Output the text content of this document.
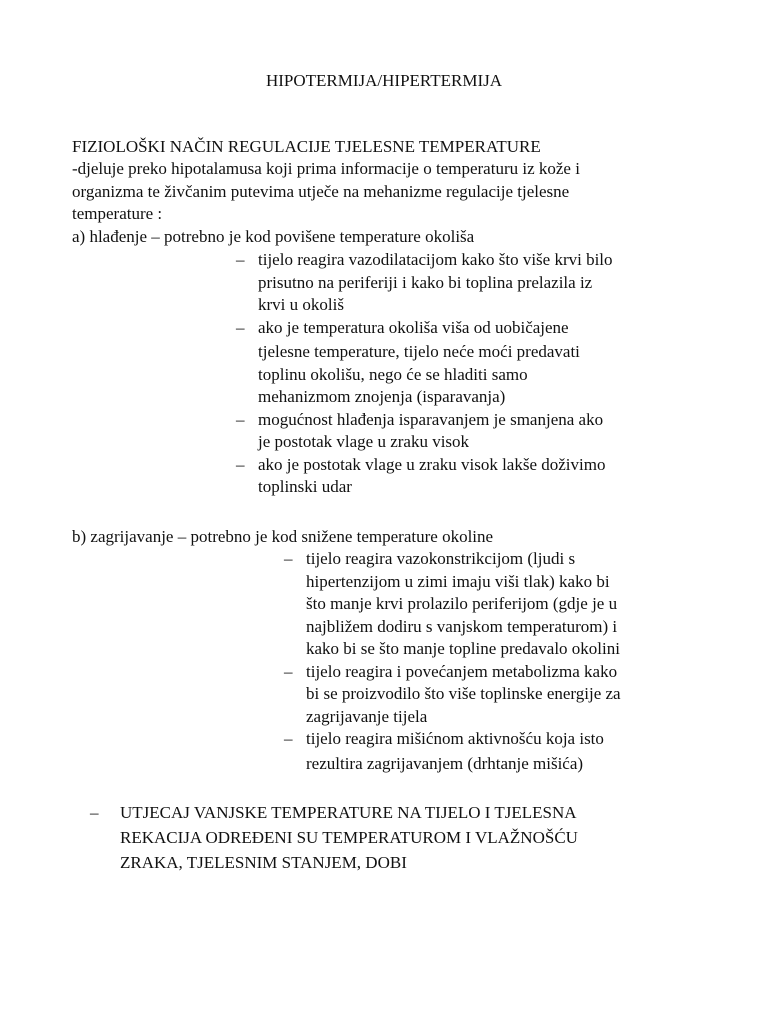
HIPOTERMIJA/HIPERTERMIJA
FIZIOLOŠKI NAČIN REGULACIJE TJELESNE TEMPERATURE
-djeluje preko hipotalamusa koji prima informacije o temperaturu iz kože i
organizma te živčanim putevima utječe na mehanizme regulacije tjelesne
temperature :
a) hlađenje – potrebno je kod povišene temperature okoliša
– tijelo reagira vazodilatacijom kako što više krvi bilo
prisutno na periferiji i kako bi toplina prelazila iz
krvi u okoliš
– ako je temperatura okoliša viša od uobičajene
tjelesne temperature, tijelo neće moći predavati
toplinu okolišu, nego će se hladiti samo
mehanizmom znojenja (isparavanja)
– mogućnost hlađenja isparavanjem je smanjena ako
je postotak vlage u zraku visok
– ako je postotak vlage u zraku visok lakše doživimo
toplinski udar
b) zagrijavanje – potrebno je kod snižene temperature okoline
– tijelo reagira vazokonstrikcijom (ljudi s
hipertenzijom u zimi imaju viši tlak) kako bi
što manje krvi prolazilo periferijom (gdje je u
najbližem dodiru s vanjskom temperaturom) i
kako bi se što manje topline predavalo okolini
– tijelo reagira i povećanjem metabolizma kako
bi se proizvodilo što više toplinske energije za
zagrijavanje tijela
– tijelo reagira mišićnom aktivnošću koja isto
rezultira zagrijavanjem (drhtanje mišića)
– UTJECAJ VANJSKE TEMPERATURE NA TIJELO I TJELESNA
REKACIJA ODREĐENI SU TEMPERATUROM I VLAŽNOŠĆU
ZRAKA, TJELESNIM STANJEM, DOBI
